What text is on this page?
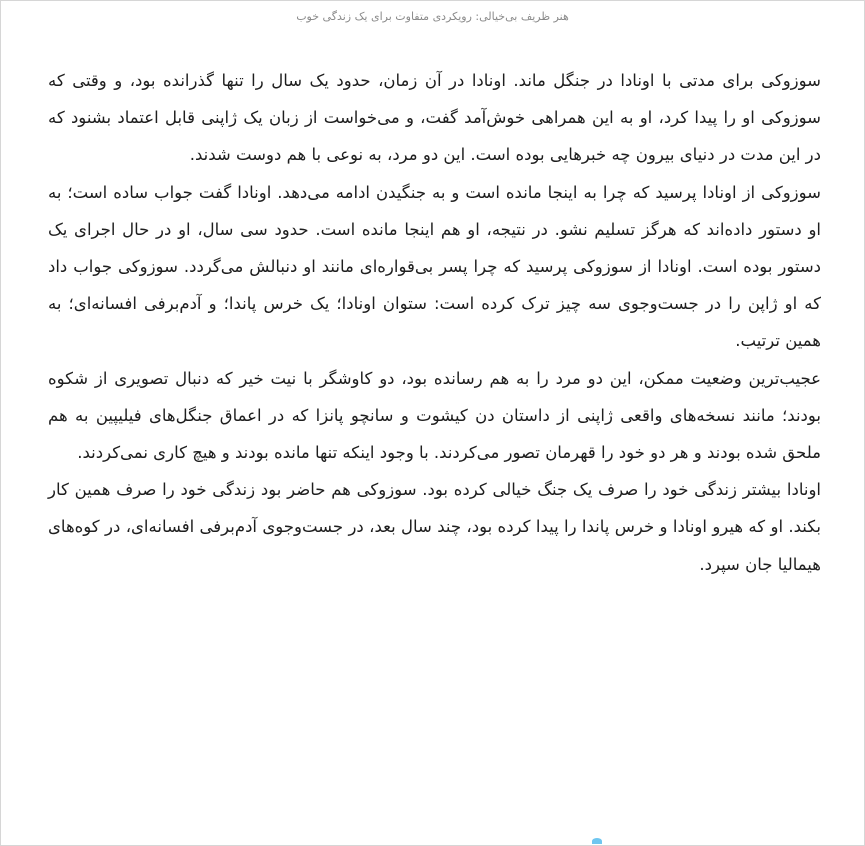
هنر ظریف بی‌خیالی: رویکردی متفاوت برای یک زندگی خوب

سوزوکی برای مدتی با اونادا در جنگل ماند. اونادا در آن زمان، حدود یک سال را تنها گذرانده بود، و وقتی که سوزوکی او را پیدا کرد، او به این همراهی خوش‌آمد گفت، و می‌خواست از زبان یک ژاپنی قابل اعتماد بشنود که در این مدت در دنیای بیرون چه خبرهایی بوده است. این دو مرد، به نوعی با هم دوست شدند.

سوزوکی از اونادا پرسید که چرا به اینجا مانده است و به جنگیدن ادامه می‌دهد. اونادا گفت جواب ساده است؛ به او دستور داده‌اند که هرگز تسلیم نشو. در نتیجه، او هم اینجا مانده است. حدود سی سال، او در حال اجرای یک دستور بوده است. اونادا از سوزوکی پرسید که چرا پسر بی‌قواره‌ای مانند او دنبالش می‌گردد. سوزوکی جواب داد که او ژاپن را در جست‌وجوی سه چیز ترک کرده است: ستوان اونادا؛ یک خرس پاندا؛ و آدم‌برفی افسانه‌ای؛ به همین ترتیب.

عجیب‌ترین وضعیت ممکن، این دو مرد را به هم رسانده بود، دو کاوشگر با نیت خیر که دنبال تصویری از شکوه بودند؛ مانند نسخه‌های واقعی ژاپنی از داستان دن کیشوت و سانچو پانزا که در اعماق جنگل‌های فیلیپین به هم ملحق شده بودند و هر دو خود را قهرمان تصور می‌کردند. با وجود اینکه تنها مانده بودند و هیچ کاری نمی‌کردند.

اونادا بیشتر زندگی خود را صرف یک جنگ خیالی کرده بود. سوزوکی هم حاضر بود زندگی خود را صرف همین کار بکند. او که هیرو اونادا و خرس پاندا را پیدا کرده بود، چند سال بعد، در جست‌وجوی آدم‌برفی افسانه‌ای، در کوه‌های هیمالیا جان سپرد.
